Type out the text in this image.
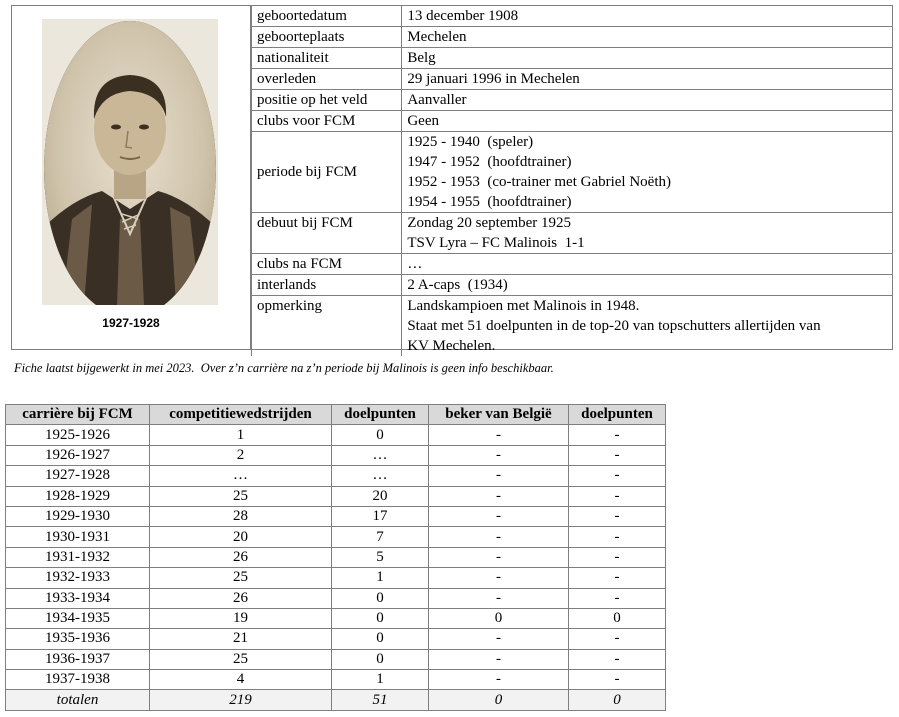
1927-1928
geboortedatum	13 december 1908

geboorteplaats	Mechelen

nationaliteit	Belg

overleden	29 januari 1996 in Mechelen

positie op het veld	Aanvaller

clubs voor FCM	Geen

periode bij FCM	1925 - 1940  (speler)
1947 - 1952  (hoofdtrainer)
1952 - 1953  (co-trainer met Gabriel Noëth)
1954 - 1955  (hoofdtrainer)

debuut bij FCM	Zondag 20 september 1925
TSV Lyra – FC Malinois  1-1

clubs na FCM	…

interlands	2 A-caps  (1934)

opmerking	Landskampioen met Malinois in 1948.
Staat met 51 doelpunten in de top-20 van topschutters allertijden van
KV Mechelen.
Fiche laatst bijgewerkt in mei 2023.  Over z’n carrière na z’n periode bij Malinois is geen info beschikbaar.
carrière bij FCM	competitiewedstrijden	doelpunten	beker van België	doelpunten
1925-1926	1	0	-	-
1926-1927	2	…	-	-
1927-1928	…	…	-	-
1928-1929	25	20	-	-
1929-1930	28	17	-	-
1930-1931	20	7	-	-
1931-1932	26	5	-	-
1932-1933	25	1	-	-
1933-1934	26	0	-	-
1934-1935	19	0	0	0
1935-1936	21	0	-	-
1936-1937	25	0	-	-
1937-1938	4	1	-	-
totalen	219	51	0	0
